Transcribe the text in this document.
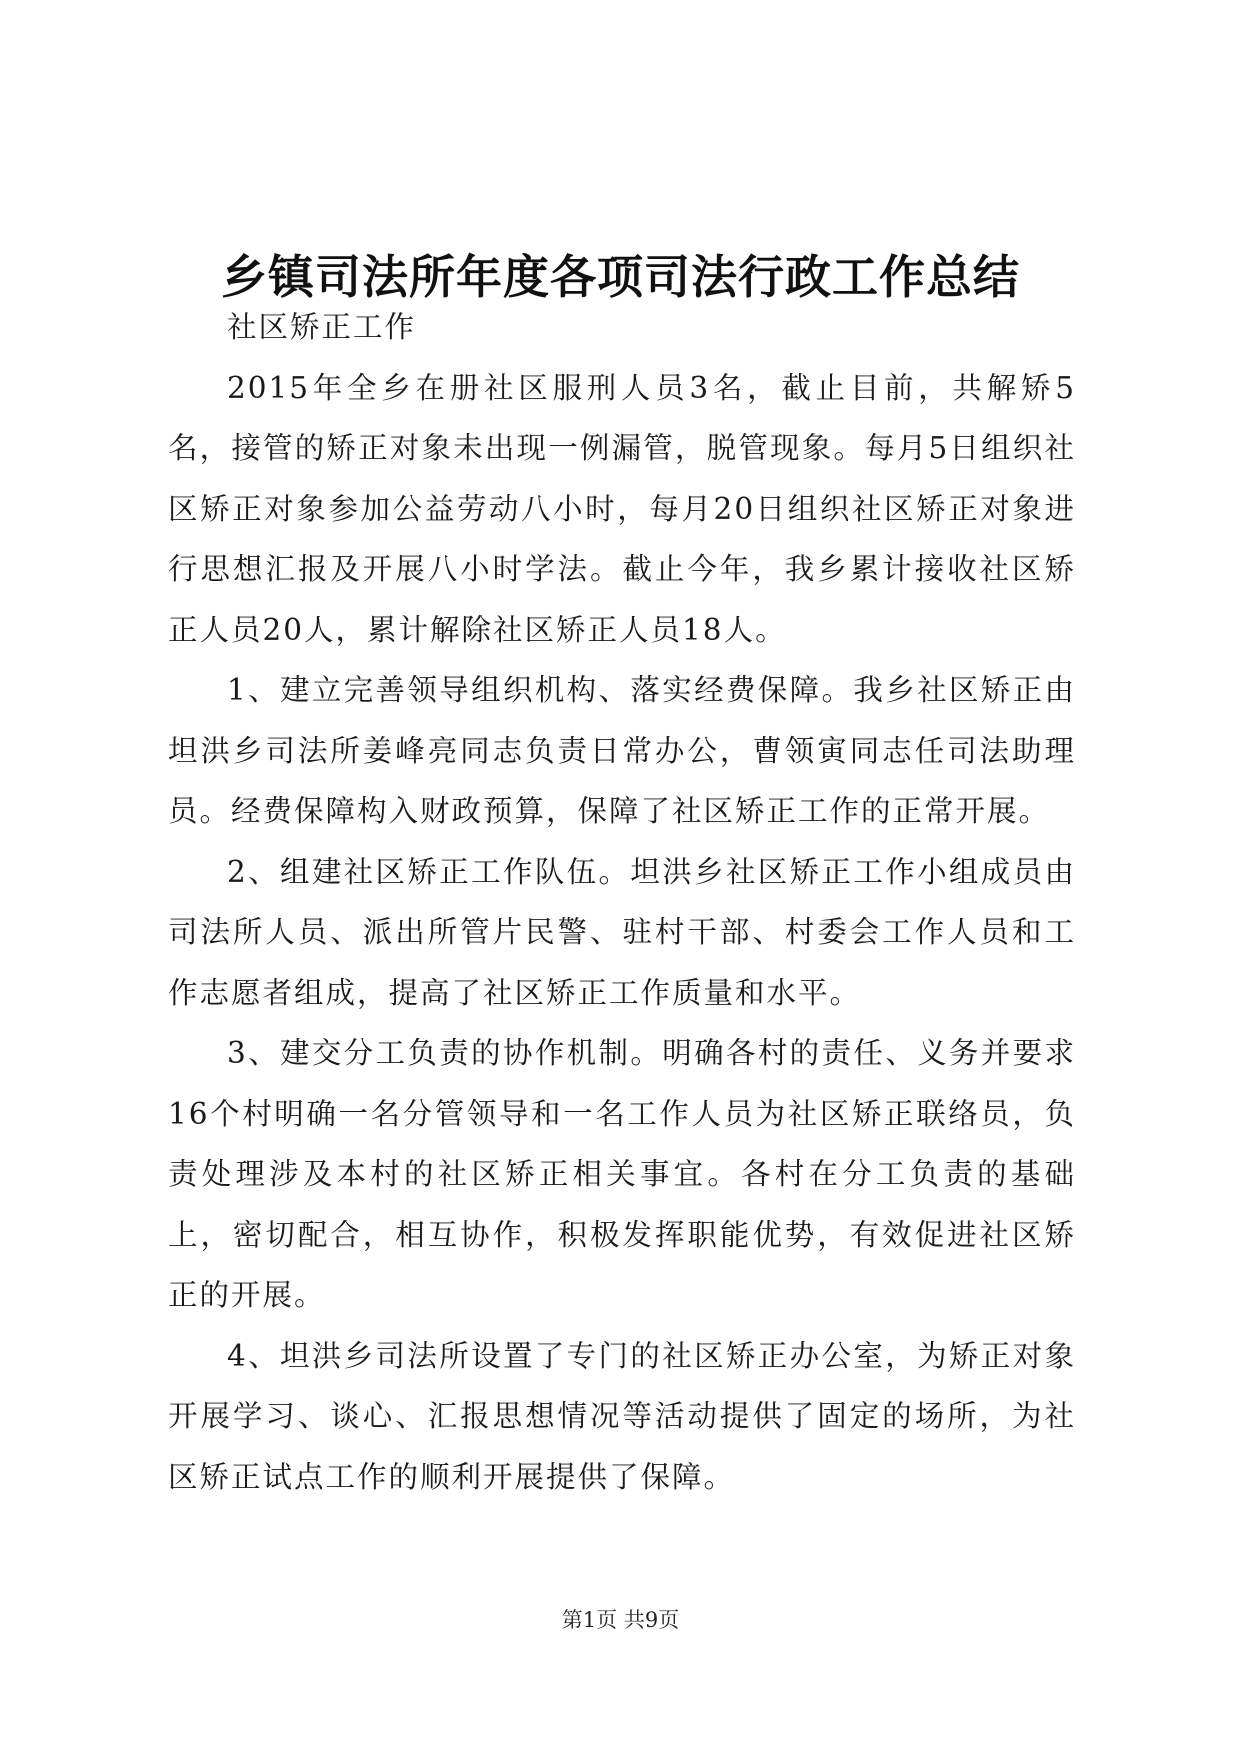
乡镇司法所年度各项司法行政工作总结

社区矫正工作

2015年全乡在册社区服刑人员3名，截止目前，共解矫5名，接管的矫正对象未出现一例漏管，脱管现象。每月5日组织社区矫正对象参加公益劳动八小时，每月20日组织社区矫正对象进行思想汇报及开展八小时学法。截止今年，我乡累计接收社区矫正人员20人，累计解除社区矫正人员18人。

1、建立完善领导组织机构、落实经费保障。我乡社区矫正由坦洪乡司法所姜峰亮同志负责日常办公，曹领寅同志任司法助理员。经费保障构入财政预算，保障了社区矫正工作的正常开展。

2、组建社区矫正工作队伍。坦洪乡社区矫正工作小组成员由司法所人员、派出所管片民警、驻村干部、村委会工作人员和工作志愿者组成，提高了社区矫正工作质量和水平。

3、建交分工负责的协作机制。明确各村的责任、义务并要求16个村明确一名分管领导和一名工作人员为社区矫正联络员，负责处理涉及本村的社区矫正相关事宜。各村在分工负责的基础上，密切配合，相互协作，积极发挥职能优势，有效促进社区矫正的开展。

4、坦洪乡司法所设置了专门的社区矫正办公室，为矫正对象开展学习、谈心、汇报思想情况等活动提供了固定的场所，为社区矫正试点工作的顺利开展提供了保障。

第1页 共9页
